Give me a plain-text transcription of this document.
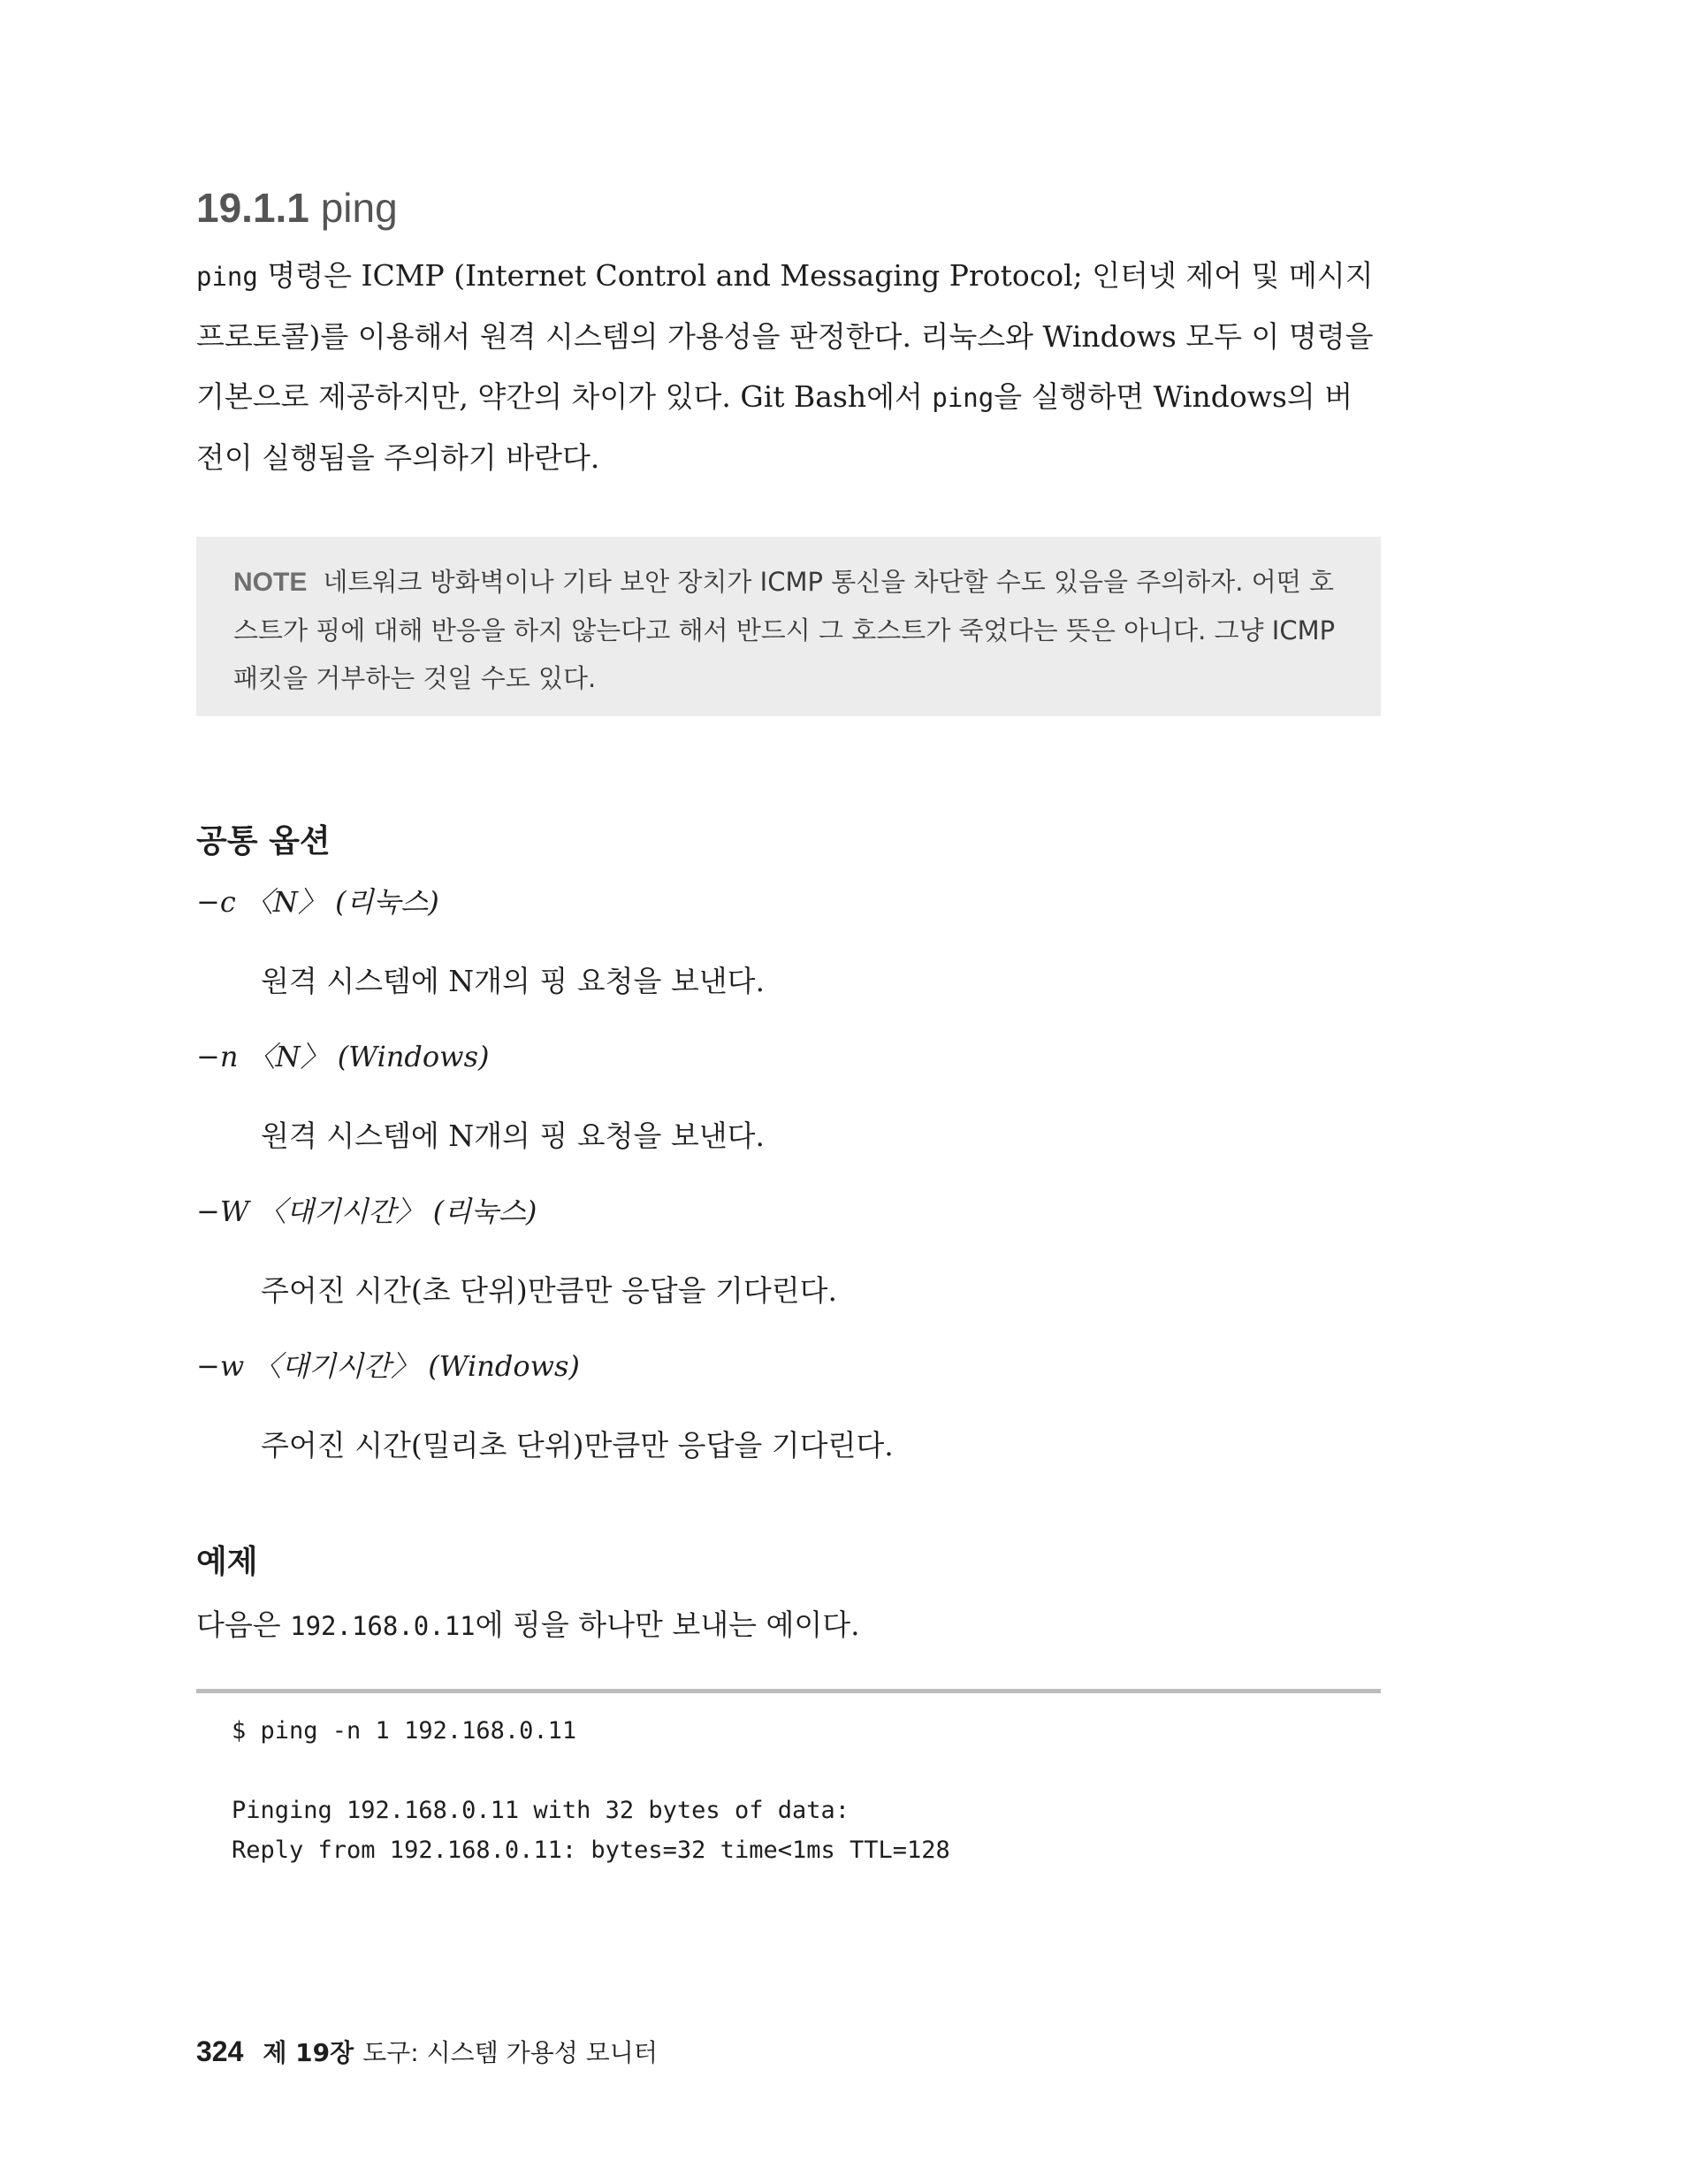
19.1.1 ping

ping 명령은 ICMP (Internet Control and Messaging Protocol; 인터넷 제어 및 메시지 프로토콜)를 이용해서 원격 시스템의 가용성을 판정한다. 리눅스와 Windows 모두 이 명령을 기본으로 제공하지만, 약간의 차이가 있다. Git Bash에서 ping을 실행하면 Windows의 버전이 실행됨을 주의하기 바란다.

NOTE 네트워크 방화벽이나 기타 보안 장치가 ICMP 통신을 차단할 수도 있음을 주의하자. 어떤 호스트가 핑에 대해 반응을 하지 않는다고 해서 반드시 그 호스트가 죽었다는 뜻은 아니다. 그냥 ICMP 패킷을 거부하는 것일 수도 있다.
공통 옵션

−c 〈N〉 (리눅스)

원격 시스템에 N개의 핑 요청을 보낸다.

−n 〈N〉 (Windows)

원격 시스템에 N개의 핑 요청을 보낸다.

−W 〈대기시간〉 (리눅스)

주어진 시간(초 단위)만큼만 응답을 기다린다.

−w 〈대기시간〉 (Windows)

주어진 시간(밀리초 단위)만큼만 응답을 기다린다.

예제

다음은 192.168.0.11에 핑을 하나만 보내는 예이다.

$ ping -n 1 192.168.0.11

Pinging 192.168.0.11 with 32 bytes of data:
Reply from 192.168.0.11: bytes=32 time<1ms TTL=128

324 제 19장 도구: 시스템 가용성 모니터
